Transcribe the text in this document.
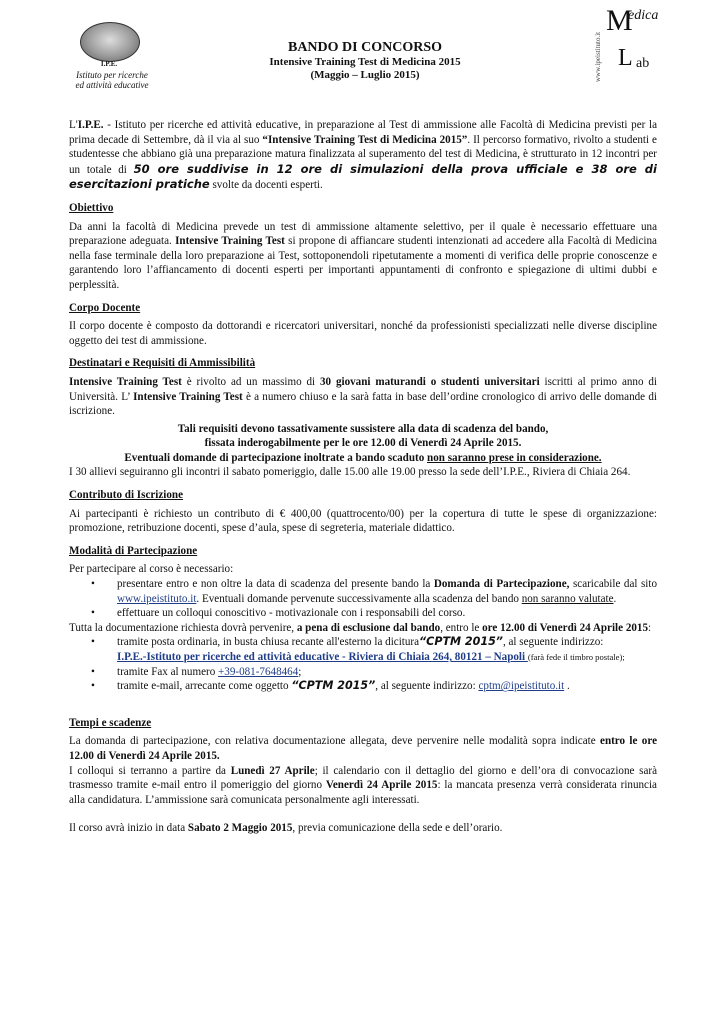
I.P.E.
Istituto per ricerche
ed attività educative
BANDO DI CONCORSO
Intensive Training Test di Medicina 2015
(Maggio – Luglio 2015)	www.ipeistituto.it
M
edica
L ab

L'I.P.E. - Istituto per ricerche ed attività educative, in preparazione al Test di ammissione alle Facoltà di Medicina previsti per la prima decade di Settembre, dà il via al suo “Intensive Training Test di Medicina 2015”. Il percorso formativo, rivolto a studenti e studentesse che abbiano già una preparazione matura finalizzata al superamento del test di Medicina, è strutturato in 12 incontri per un totale di 50 ore suddivise in 12 ore di simulazioni della prova ufficiale e 38 ore di esercitazioni pratiche svolte da docenti esperti.

Obiettivo

Da anni la facoltà di Medicina prevede un test di ammissione altamente selettivo, per il quale è necessario effettuare una preparazione adeguata. Intensive Training Test si propone di affiancare studenti intenzionati ad accedere alla Facoltà di Medicina nella fase terminale della loro preparazione ai Test, sottoponendoli ripetutamente a momenti di verifica delle proprie conoscenze e garantendo loro l’affiancamento di docenti esperti per importanti appuntamenti di confronto e spiegazione di ultimi dubbi e perplessità.

Corpo Docente

Il corpo docente è composto da dottorandi e ricercatori universitari, nonché da professionisti specializzati nelle diverse discipline oggetto dei test di ammissione.

Destinatari e Requisiti di Ammissibilità

Intensive Training Test è rivolto ad un massimo di 30 giovani maturandi o studenti universitari iscritti al primo anno di Università. L’ Intensive Training Test è a numero chiuso e la sarà fatta in base dell’ordine cronologico di arrivo delle domande di iscrizione.

Tali requisiti devono tassativamente sussistere alla data di scadenza del bando,
fissata inderogabilmente per le ore 12.00 di Venerdì 24 Aprile 2015.
Eventuali domande di partecipazione inoltrate a bando scaduto non saranno prese in considerazione.

I 30 allievi seguiranno gli incontri il sabato pomeriggio, dalle 15.00 alle 19.00 presso la sede dell’I.P.E., Riviera di Chiaia 264.

Contributo di Iscrizione

Ai partecipanti è richiesto un contributo di € 400,00 (quattrocento/00) per la copertura di tutte le spese di organizzazione: promozione, retribuzione docenti, spese d’aula, spese di segreteria, materiale didattico.

Modalità di Partecipazione

Per partecipare al corso è necessario:

• presentare entro e non oltre la data di scadenza del presente bando la Domanda di Partecipazione, scaricabile dal sito www.ipeistituto.it. Eventuali domande pervenute successivamente alla scadenza del bando non saranno valutate.
• effettuare un colloqui conoscitivo - motivazionale con i responsabili del corso.

Tutta la documentazione richiesta dovrà pervenire, a pena di esclusione dal bando, entro le ore 12.00 di Venerdì 24 Aprile 2015:

• tramite posta ordinaria, in busta chiusa recante all'esterno la dicitura“CPTM 2015”, al seguente indirizzo:
I.P.E.-Istituto per ricerche ed attività educative - Riviera di Chiaia 264, 80121 – Napoli (farà fede il timbro postale);
• tramite Fax al numero +39-081-7648464;
• tramite e-mail, arrecante come oggetto “CPTM 2015”, al seguente indirizzo: cptm@ipeistituto.it .
Tempi e scadenze

La domanda di partecipazione, con relativa documentazione allegata, deve pervenire nelle modalità sopra indicate entro le ore 12.00 di Venerdì 24 Aprile 2015.

I colloqui si terranno a partire da Lunedì 27 Aprile; il calendario con il dettaglio del giorno e dell’ora di convocazione sarà trasmesso tramite e-mail entro il pomeriggio del giorno Venerdì 24 Aprile 2015: la mancata presenza verrà considerata rinuncia alla candidatura. L’ammissione sarà comunicata personalmente agli interessati.

Il corso avrà inizio in data Sabato 2 Maggio 2015, previa comunicazione della sede e dell’orario.
